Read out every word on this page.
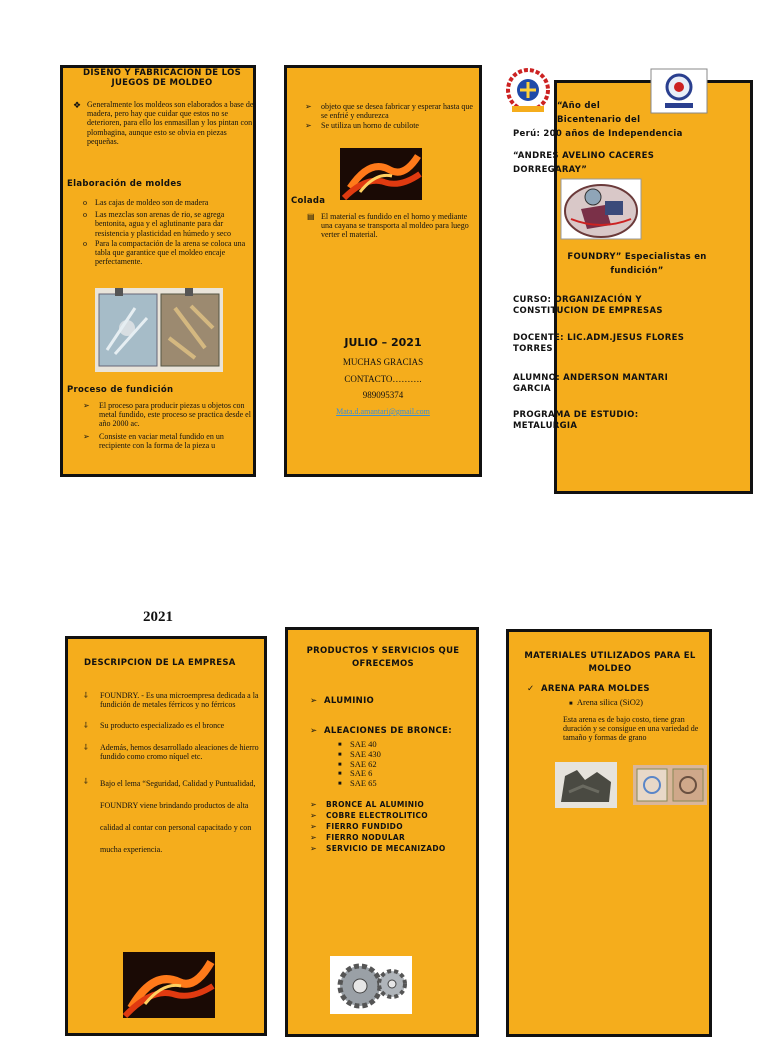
DISEÑO Y FABRICACION DE LOS JUEGOS DE MOLDEO
❖ Generalmente los moldeos son elaborados a base de madera, pero hay que cuidar que estos no se deterioren, para ello los enmasillan y los pintan con plombagina, aunque esto se obvia en piezas pequeñas.
Elaboración de moldes
o Las cajas de moldeo son de madera
o Las mezclas son arenas de rio, se agrega bentonita, agua y el aglutinante para dar resistencia y plasticidad en húmedo y seco
o Para la compactación de la arena se coloca una tabla que garantice que el moldeo encaje perfectamente.
Proceso de fundición
➢ El proceso para producir piezas u objetos con metal fundido, este proceso se practica desde el año 2000 ac.
➢ Consiste en vaciar metal fundido en un recipiente con la forma de la pieza u
➢ objeto que se desea fabricar y esperar hasta que se enfrié y endurezca
➢ Se utiliza un horno de cubilote
Colada
▤ El material es fundido en el horno y mediante una cayana se transporta al moldeo para luego verter el material.
JULIO – 2021
MUCHAS GRACIAS
CONTACTO……….
989095374
Mata.d.amantari@gmail.com
“Año del
Bicentenario del
Perú: 200 años de Independencia
“ANDRES AVELINO CACERES
DORREGARAY”
FOUNDRY” Especialistas en
fundición”
CURSO: ORGANIZACIÓN Y CONSTITUCION DE EMPRESAS
DOCENTE: LIC.ADM.JESUS FLORES TORRES
ALUMNO: ANDERSON MANTARI GARCIA
PROGRAMA DE ESTUDIO: METALURGIA
2021
DESCRIPCION DE LA EMPRESA
⸸ FOUNDRY. - Es una microempresa dedicada a la fundición de metales férricos y no férricos
⸸ Su producto especializado es el bronce
⸸ Además, hemos desarrollado aleaciones de hierro fundido como cromo níquel etc.
⸸ Bajo el lema “Seguridad, Calidad y Puntualidad, FOUNDRY viene brindando productos de alta calidad al contar con personal capacitado y con mucha experiencia.
PRODUCTOS Y SERVICIOS QUE OFRECEMOS
➢ ALUMINIO
➢ ALEACIONES DE BRONCE:
■ SAE 40
■ SAE 430
■ SAE 62
■ SAE 6
■ SAE 65
➢ BRONCE AL ALUMINIO
➢ COBRE ELECTROLITICO
➢ FIERRO FUNDIDO
➢ FIERRO NODULAR
➢ SERVICIO DE MECANIZADO
MATERIALES UTILIZADOS PARA EL MOLDEO
✓ ARENA PARA MOLDES
■ Arena silica (SiO2)
Esta arena es de bajo costo, tiene gran duración y se consigue en una variedad de tamaño y formas de grano
